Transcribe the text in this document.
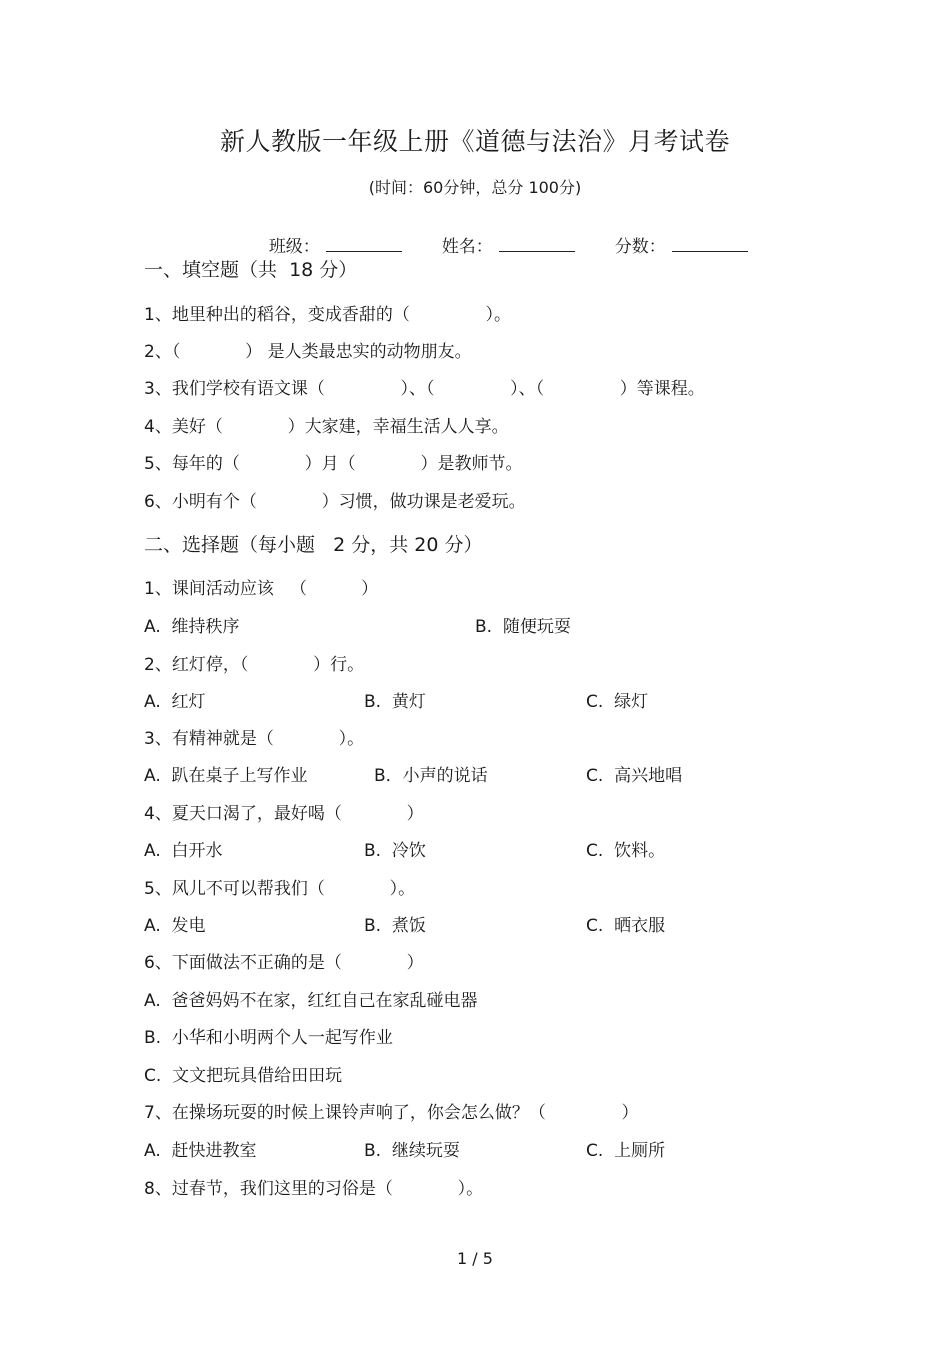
新人教版一年级上册《道德与法治》月考试卷
(时间：60分钟，总分 100分)

班级：	姓名：	分数：

一、填空题（共  18 分）
1、地里种出的稻谷，变成香甜的（              ）。
2、（            ） 是人类最忠实的动物朋友。
3、我们学校有语文课（              ）、（              ）、（              ）等课程。
4、美好（            ）大家建，幸福生活人人享。
5、每年的（            ）月（            ）是教师节。
6、小明有个（            ）习惯，做功课是老爱玩。
二、选择题（每小题   2 分，共 20 分）
1、课间活动应该   （          ）
A.  维持秩序	B.  随便玩耍
2、红灯停，（            ）行。
A.  红灯	B.  黄灯	C.  绿灯
3、有精神就是（            ）。
A.  趴在桌子上写作业	B．小声的说话	C.  高兴地唱
4、夏天口渴了，最好喝（            ）
A.  白开水	B.  冷饮	C.  饮料。
5、风儿不可以帮我们（            ）。
A.  发电	B.  煮饭	C.  晒衣服
6、下面做法不正确的是（            ）
A.  爸爸妈妈不在家，红红自己在家乱碰电器
B.  小华和小明两个人一起写作业
C.  文文把玩具借给田田玩
7、在操场玩耍的时候上课铃声响了，你会怎么做？（              ）
A.  赶快进教室	B.  继续玩耍	C.  上厕所
8、过春节，我们这里的习俗是（            ）。
1 / 5
